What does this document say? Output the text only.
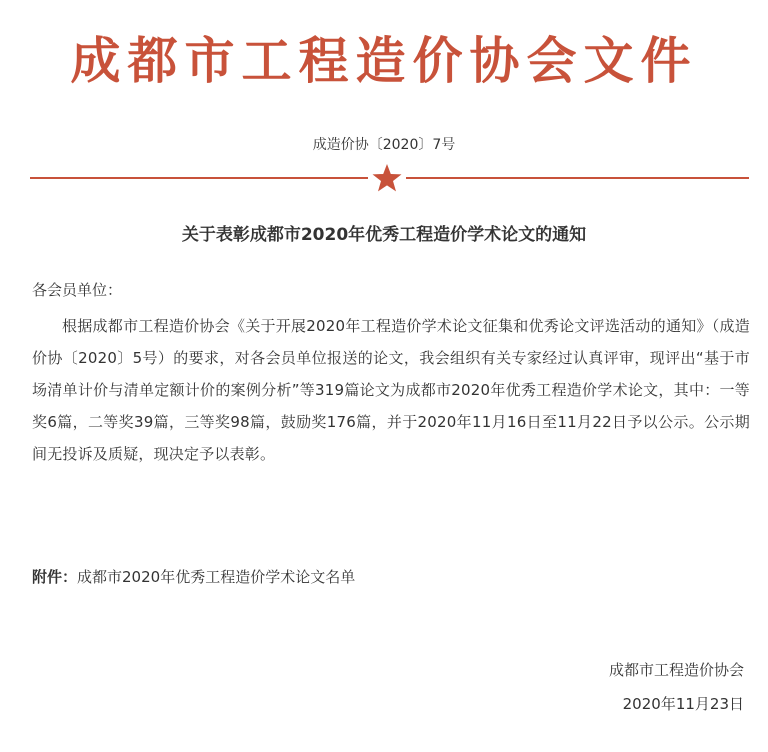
成都市工程造价协会文件
成造价协〔2020〕7号
关于表彰成都市2020年优秀工程造价学术论文的通知
各会员单位：
根据成都市工程造价协会《关于开展2020年工程造价学术论文征集和优秀论文评选活动的通知》（成造价协〔2020〕5号）的要求，对各会员单位报送的论文，我会组织有关专家经过认真评审，现评出“基于市场清单计价与清单定额计价的案例分析”等319篇论文为成都市2020年优秀工程造价学术论文，其中：一等奖6篇，二等奖39篇，三等奖98篇，鼓励奖176篇，并于2020年11月16日至11月22日予以公示。公示期间无投诉及质疑，现决定予以表彰。
附件：成都市2020年优秀工程造价学术论文名单
成都市工程造价协会
2020年11月23日
